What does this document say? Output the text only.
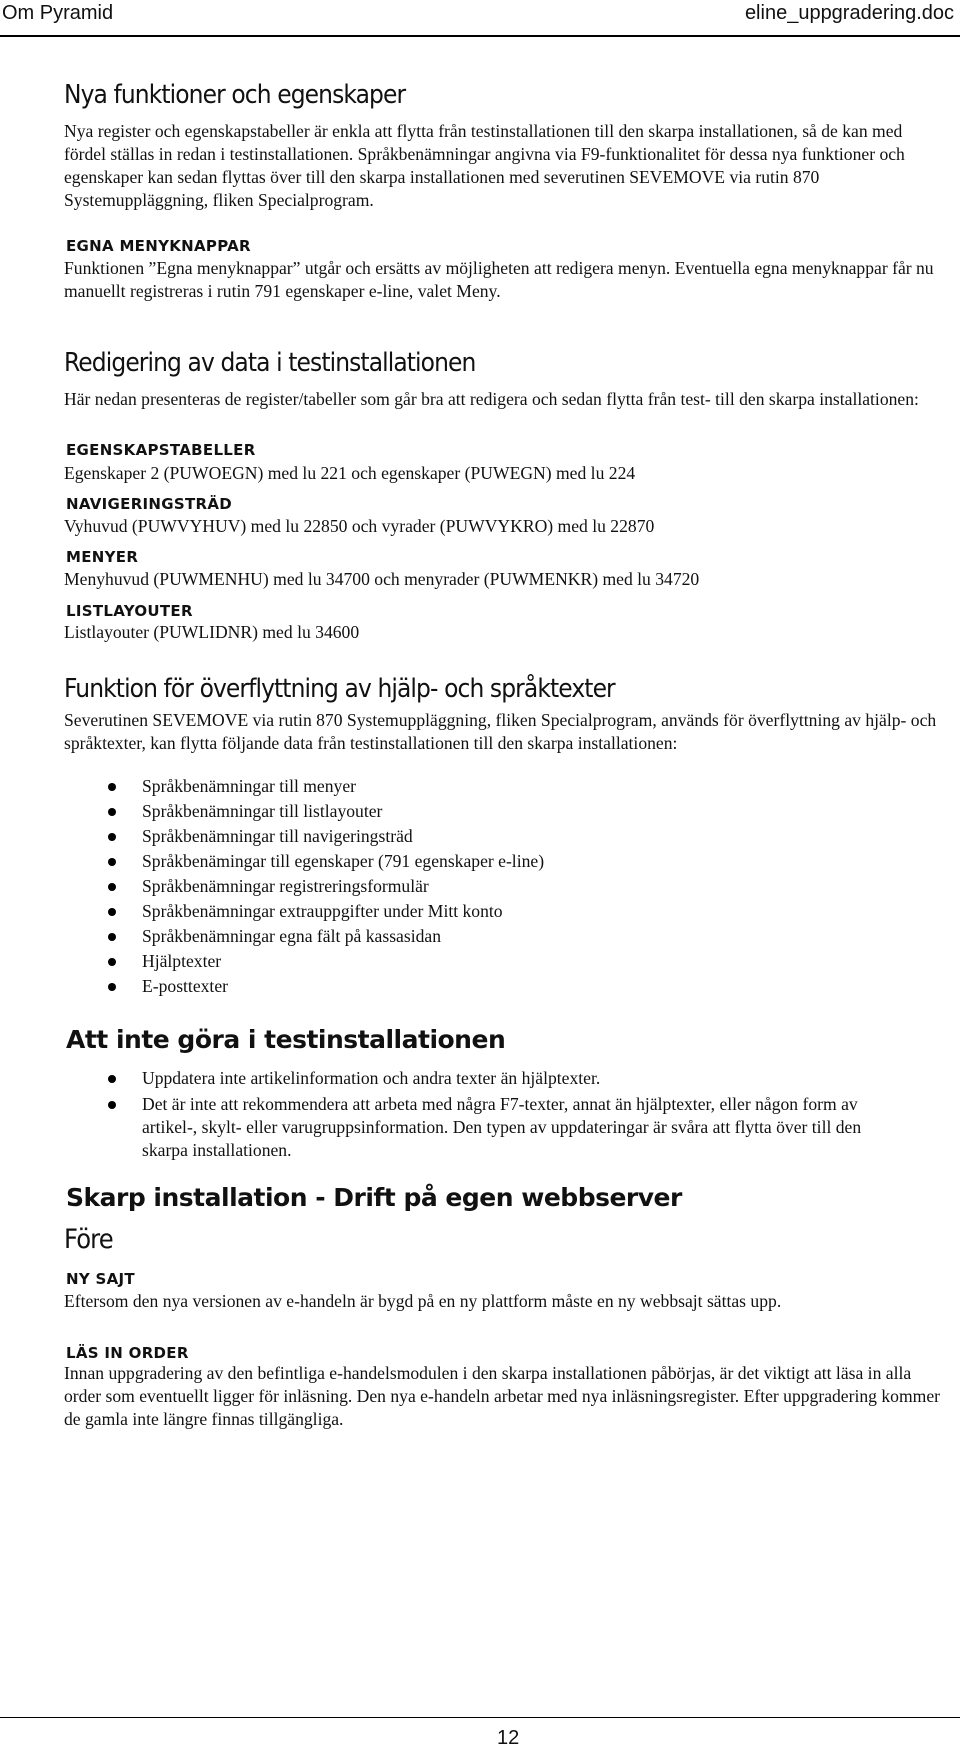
Om Pyramid	eline_uppgradering.doc
Nya funktioner och egenskaper

Nya register och egenskapstabeller är enkla att flytta från testinstallationen till den skarpa installationen, så de kan med fördel ställas in redan i testinstallationen. Språkbenämningar angivna via F9-funktionalitet för dessa nya funktioner och egenskaper kan sedan flyttas över till den skarpa installationen med severutinen SEVEMOVE via rutin 870 Systemuppläggning, fliken Specialprogram.

EGNA MENYKNAPPAR

Funktionen ”Egna menyknappar” utgår och ersätts av möjligheten att redigera menyn. Eventuella egna menyknappar får nu manuellt registreras i rutin 791 egenskaper e-line, valet Meny.

Redigering av data i testinstallationen

Här nedan presenteras de register/tabeller som går bra att redigera och sedan flytta från test- till den skarpa installationen:

EGENSKAPSTABELLER

Egenskaper 2 (PUWOEGN) med lu 221 och egenskaper (PUWEGN) med lu 224

NAVIGERINGSTRÄD

Vyhuvud (PUWVYHUV) med lu 22850 och vyrader (PUWVYKRO) med lu 22870

MENYER

Menyhuvud (PUWMENHU) med lu 34700 och menyrader (PUWMENKR) med lu 34720

LISTLAYOUTER

Listlayouter (PUWLIDNR) med lu 34600

Funktion för överflyttning av hjälp- och språktexter

Severutinen SEVEMOVE via rutin 870 Systemuppläggning, fliken Specialprogram, används för överflyttning av hjälp- och språktexter, kan flytta följande data från testinstallationen till den skarpa installationen:

Språkbenämningar till menyer
Språkbenämningar till listlayouter
Språkbenämningar till navigeringsträd
Språkbenämingar till egenskaper (791 egenskaper e-line)
Språkbenämningar registreringsformulär
Språkbenämningar extrauppgifter under Mitt konto
Språkbenämningar egna fält på kassasidan
Hjälptexter
E-posttexter
Att inte göra i testinstallationen
Uppdatera inte artikelinformation och andra texter än hjälptexter.
Det är inte att rekommendera att arbeta med några F7-texter, annat än hjälptexter, eller någon form av artikel-, skylt- eller varugruppsinformation. Den typen av uppdateringar är svåra att flytta över till den skarpa installationen.
Skarp installation - Drift på egen webbserver
Före
NY SAJT

Eftersom den nya versionen av e-handeln är bygd på en ny plattform måste en ny webbsajt sättas upp.

LÄS IN ORDER

Innan uppgradering av den befintliga e-handelsmodulen i den skarpa installationen påbörjas, är det viktigt att läsa in alla order som eventuellt ligger för inläsning. Den nya e-handeln arbetar med nya inläsningsregister. Efter uppgradering kommer de gamla inte längre finnas tillgängliga.

12
